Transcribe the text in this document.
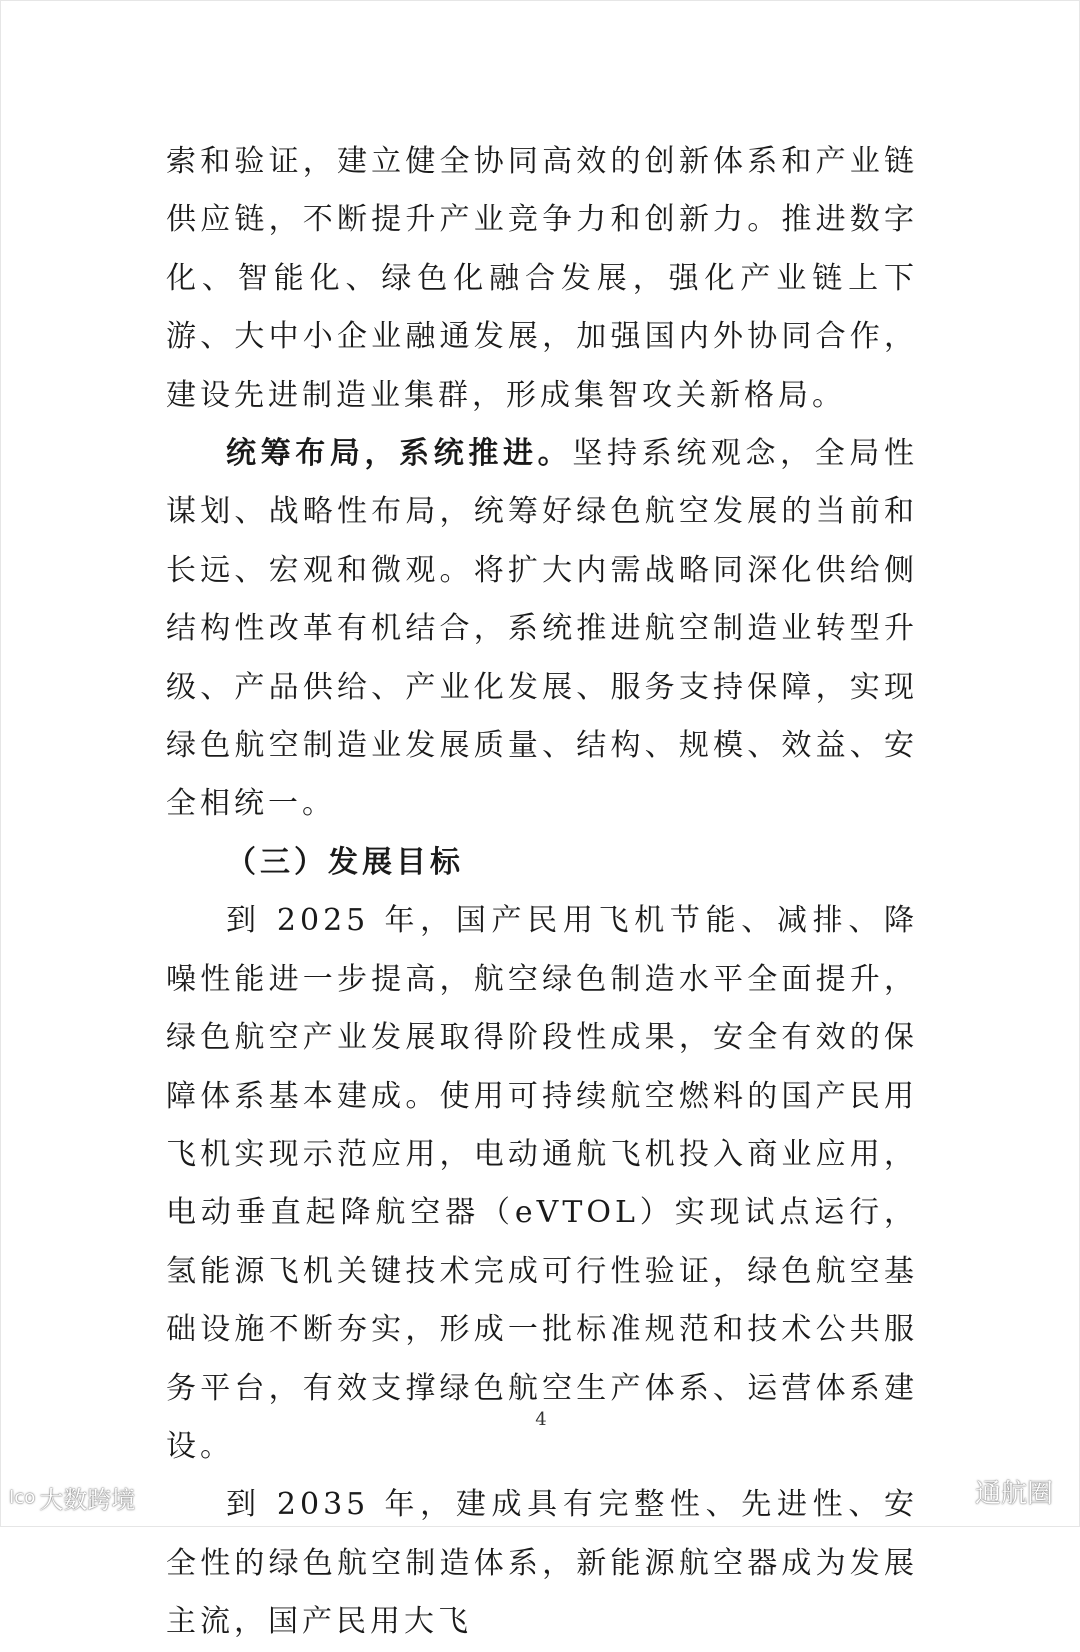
索和验证，建立健全协同高效的创新体系和产业链供应链，不断提升产业竞争力和创新力。推进数字化、智能化、绿色化融合发展，强化产业链上下游、大中小企业融通发展，加强国内外协同合作，建设先进制造业集群，形成集智攻关新格局。

统筹布局，系统推进。坚持系统观念，全局性谋划、战略性布局，统筹好绿色航空发展的当前和长远、宏观和微观。将扩大内需战略同深化供给侧结构性改革有机结合，系统推进航空制造业转型升级、产品供给、产业化发展、服务支持保障，实现绿色航空制造业发展质量、结构、规模、效益、安全相统一。

（三）发展目标

到 2025 年，国产民用飞机节能、减排、降噪性能进一步提高，航空绿色制造水平全面提升，绿色航空产业发展取得阶段性成果，安全有效的保障体系基本建成。使用可持续航空燃料的国产民用飞机实现示范应用，电动通航飞机投入商业应用，电动垂直起降航空器（eVTOL）实现试点运行，氢能源飞机关键技术完成可行性验证，绿色航空基础设施不断夯实，形成一批标准规范和技术公共服务平台，有效支撑绿色航空生产体系、运营体系建设。

到 2035 年，建成具有完整性、先进性、安全性的绿色航空制造体系，新能源航空器成为发展主流，国产民用大飞

4
Ico 大数跨境	通航圈
